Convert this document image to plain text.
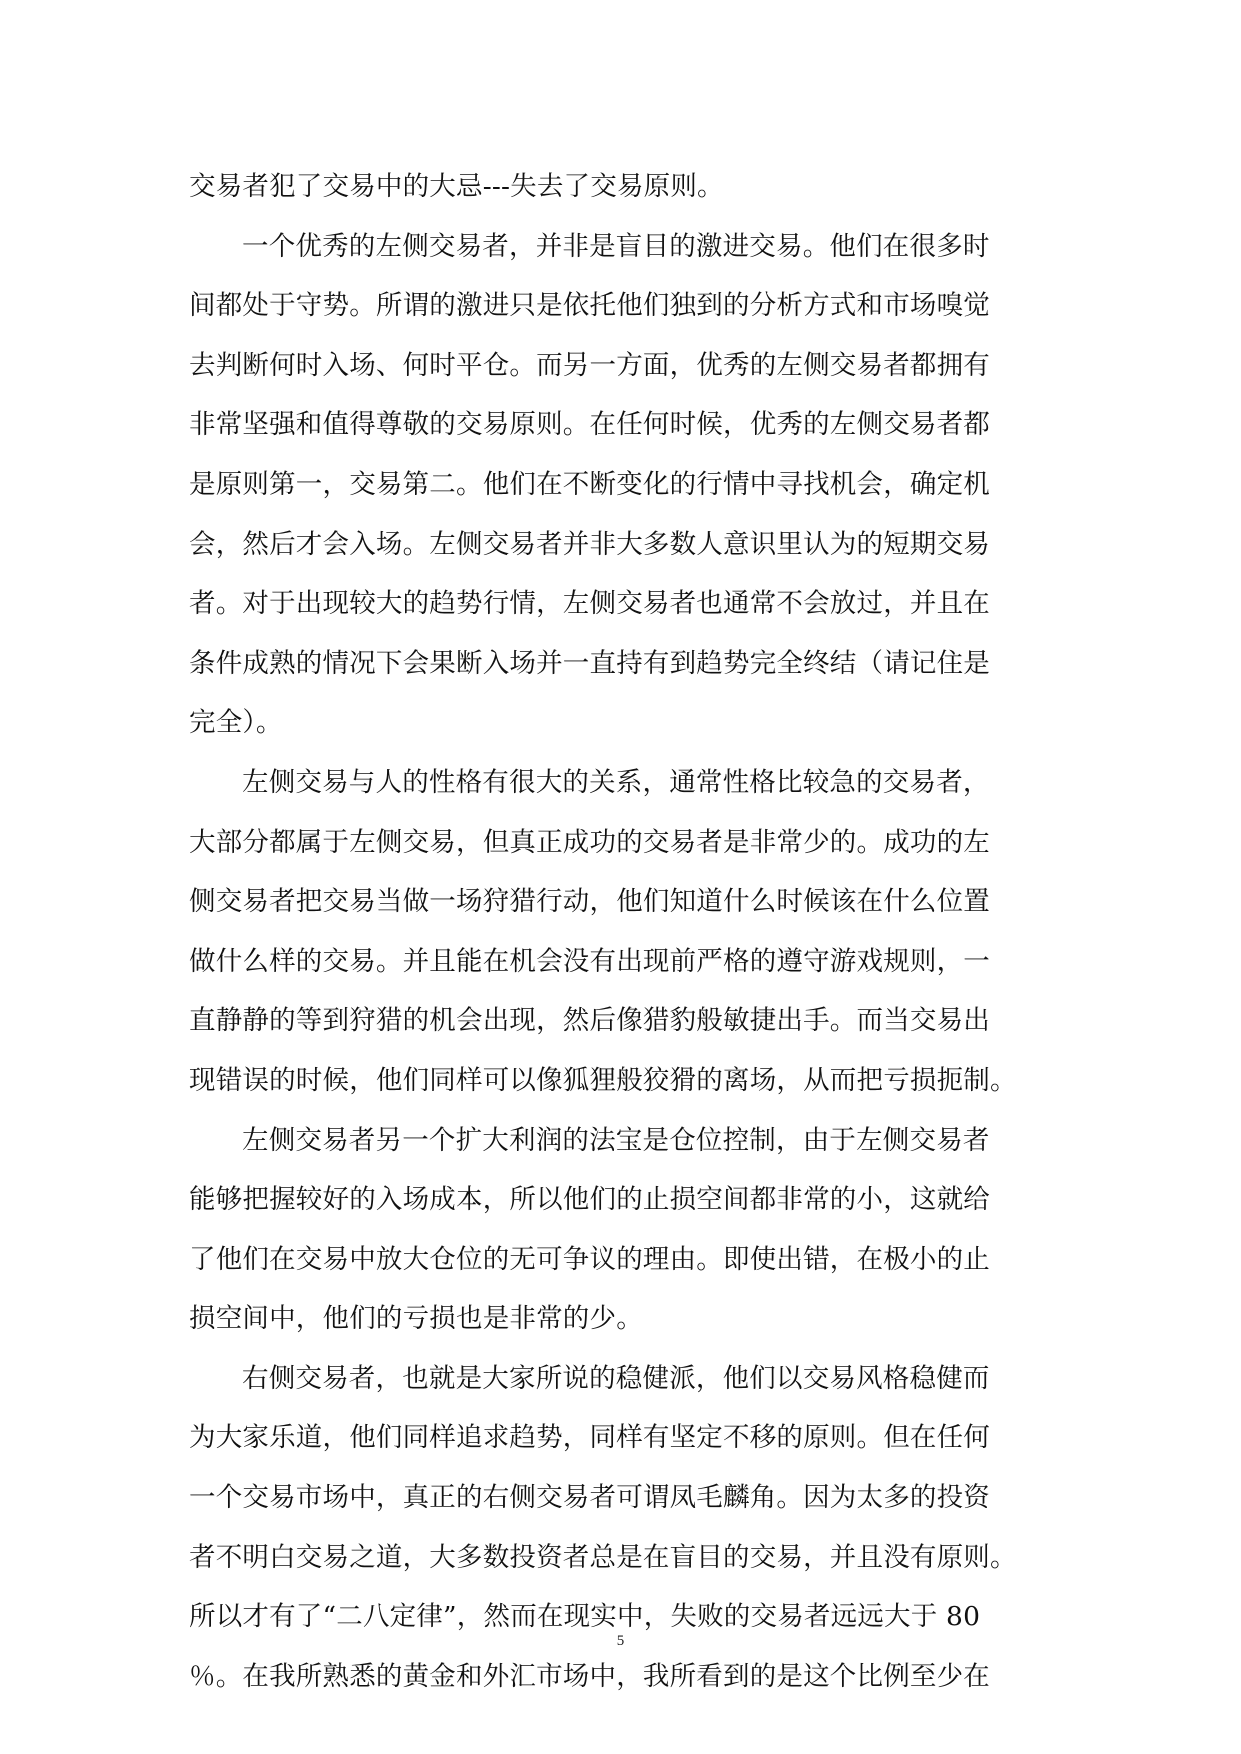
交易者犯了交易中的大忌---失去了交易原则。
一个优秀的左侧交易者，并非是盲目的激进交易。他们在很多时
间都处于守势。所谓的激进只是依托他们独到的分析方式和市场嗅觉
去判断何时入场、何时平仓。而另一方面，优秀的左侧交易者都拥有
非常坚强和值得尊敬的交易原则。在任何时候，优秀的左侧交易者都
是原则第一，交易第二。他们在不断变化的行情中寻找机会，确定机
会，然后才会入场。左侧交易者并非大多数人意识里认为的短期交易
者。对于出现较大的趋势行情，左侧交易者也通常不会放过，并且在
条件成熟的情况下会果断入场并一直持有到趋势完全终结（请记住是
完全）。
左侧交易与人的性格有很大的关系，通常性格比较急的交易者，
大部分都属于左侧交易，但真正成功的交易者是非常少的。成功的左
侧交易者把交易当做一场狩猎行动，他们知道什么时候该在什么位置
做什么样的交易。并且能在机会没有出现前严格的遵守游戏规则，一
直静静的等到狩猎的机会出现，然后像猎豹般敏捷出手。而当交易出
现错误的时候，他们同样可以像狐狸般狡猾的离场，从而把亏损扼制。
左侧交易者另一个扩大利润的法宝是仓位控制，由于左侧交易者
能够把握较好的入场成本，所以他们的止损空间都非常的小，这就给
了他们在交易中放大仓位的无可争议的理由。即使出错，在极小的止
损空间中，他们的亏损也是非常的少。
右侧交易者，也就是大家所说的稳健派，他们以交易风格稳健而
为大家乐道，他们同样追求趋势，同样有坚定不移的原则。但在任何
一个交易市场中，真正的右侧交易者可谓凤毛麟角。因为太多的投资
者不明白交易之道，大多数投资者总是在盲目的交易，并且没有原则。
所以才有了“二八定律”，然而在现实中，失败的交易者远远大于 80
％。在我所熟悉的黄金和外汇市场中，我所看到的是这个比例至少在
5
